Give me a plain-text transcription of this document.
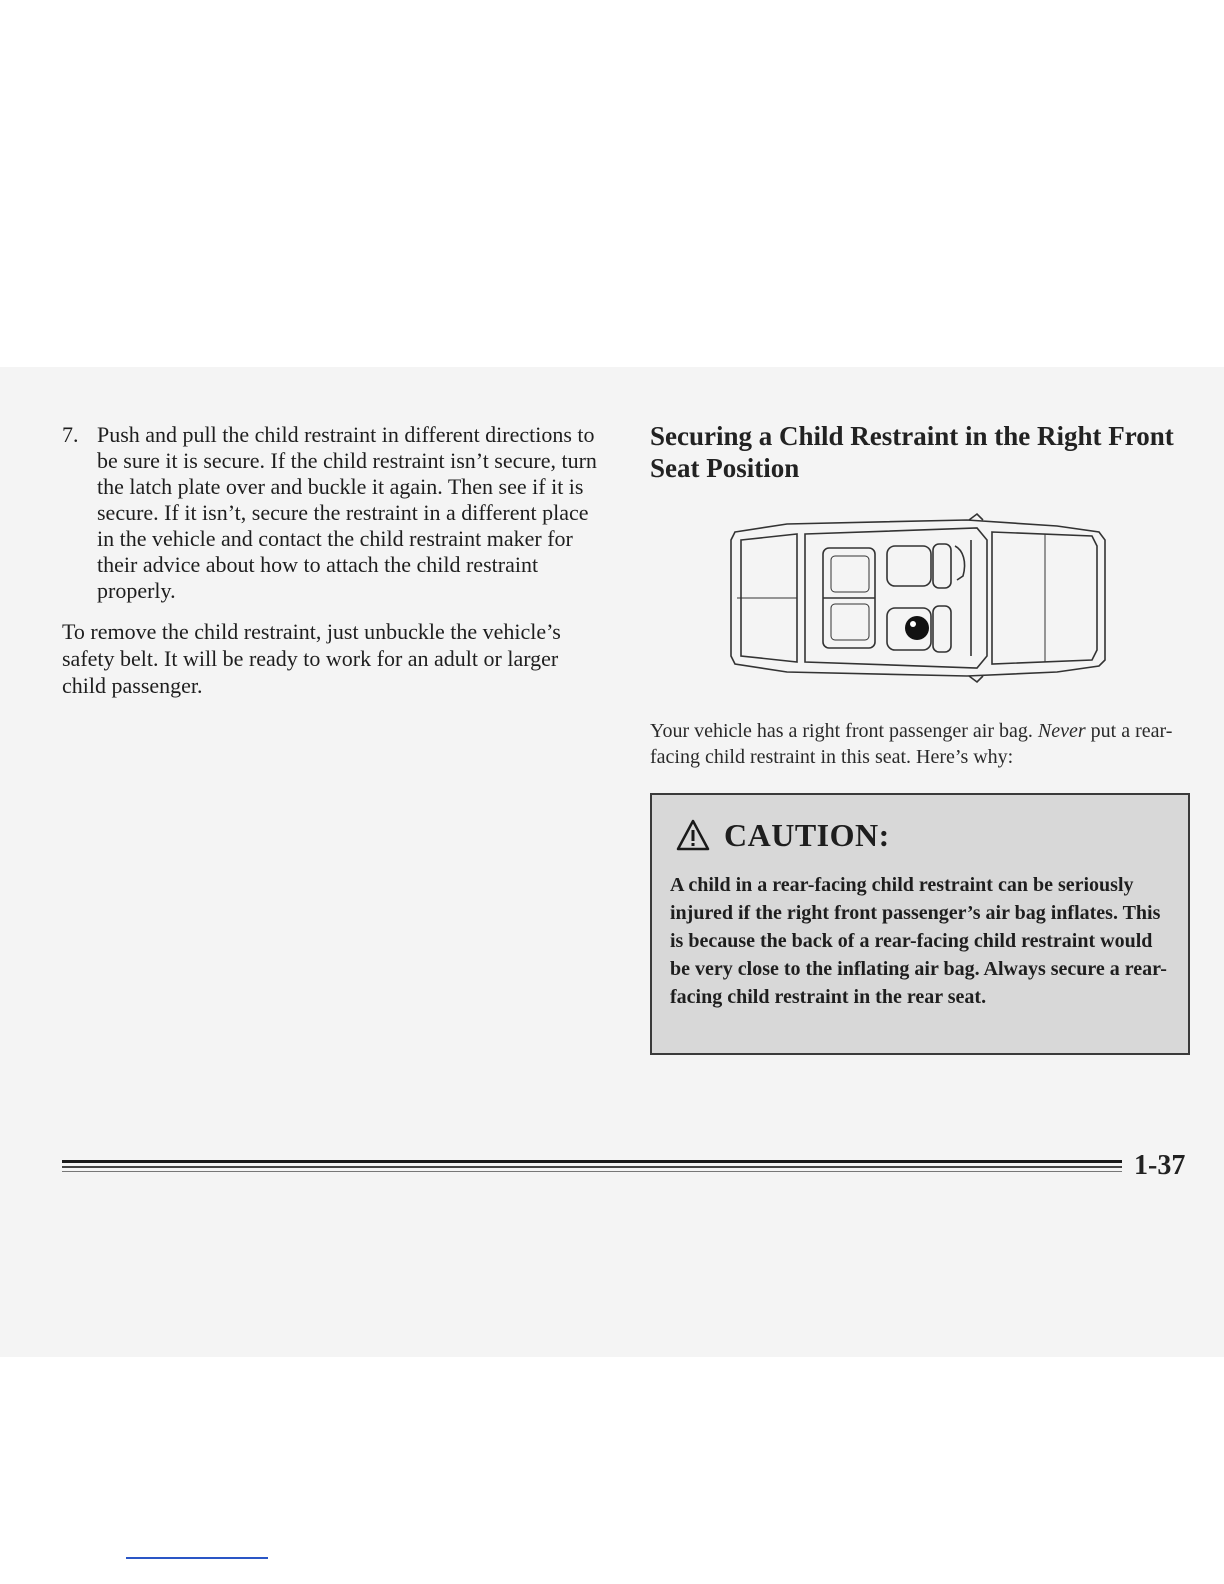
7. Push and pull the child restraint in different directions to be sure it is secure. If the child restraint isn’t secure, turn the latch plate over and buckle it again. Then see if it is secure. If it isn’t, secure the restraint in a different place in the vehicle and contact the child restraint maker for their advice about how to attach the child restraint properly.

To remove the child restraint, just unbuckle the vehicle’s safety belt. It will be ready to work for an adult or larger child passenger.

Securing a Child Restraint in the Right Front Seat Position

Your vehicle has a right front passenger air bag. Never put a rear-facing child restraint in this seat. Here’s why:

CAUTION:

A child in a rear-facing child restraint can be seriously injured if the right front passenger’s air bag inflates. This is because the back of a rear-facing child restraint would be very close to the inflating air bag. Always secure a rear-facing child restraint in the rear seat.

1-37
